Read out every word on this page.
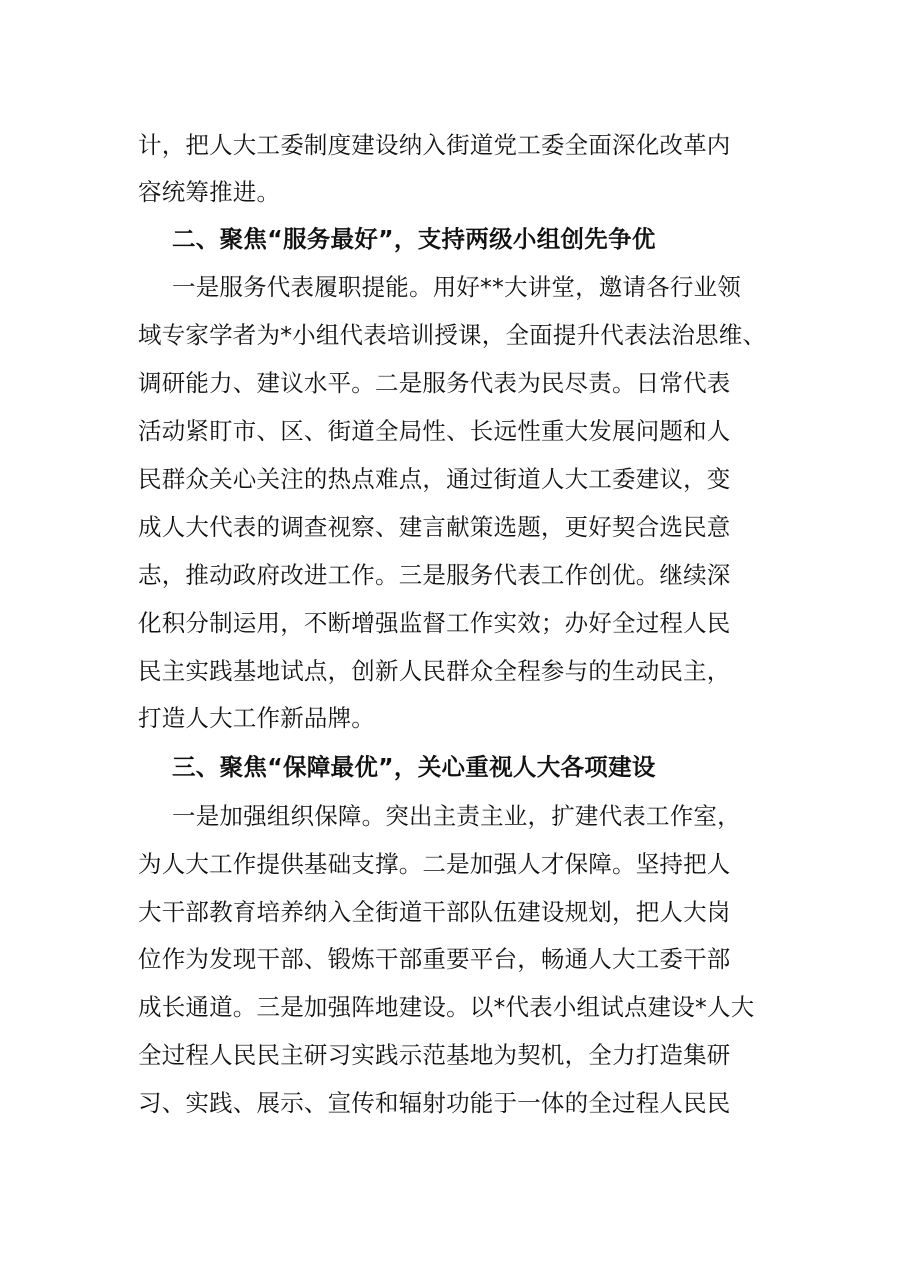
计，把人大工委制度建设纳入街道党工委全面深化改革内
容统筹推进。
二、聚焦“服务最好”，支持两级小组创先争优
一是服务代表履职提能。用好**大讲堂，邀请各行业领
域专家学者为*小组代表培训授课，全面提升代表法治思维、
调研能力、建议水平。二是服务代表为民尽责。日常代表
活动紧盯市、区、街道全局性、长远性重大发展问题和人
民群众关心关注的热点难点，通过街道人大工委建议，变
成人大代表的调查视察、建言献策选题，更好契合选民意
志，推动政府改进工作。三是服务代表工作创优。继续深
化积分制运用，不断增强监督工作实效；办好全过程人民
民主实践基地试点，创新人民群众全程参与的生动民主，
打造人大工作新品牌。
三、聚焦“保障最优”，关心重视人大各项建设
一是加强组织保障。突出主责主业，扩建代表工作室，
为人大工作提供基础支撑。二是加强人才保障。坚持把人
大干部教育培养纳入全街道干部队伍建设规划，把人大岗
位作为发现干部、锻炼干部重要平台，畅通人大工委干部
成长通道。三是加强阵地建设。以*代表小组试点建设*人大
全过程人民民主研习实践示范基地为契机，全力打造集研
习、实践、展示、宣传和辐射功能于一体的全过程人民民
